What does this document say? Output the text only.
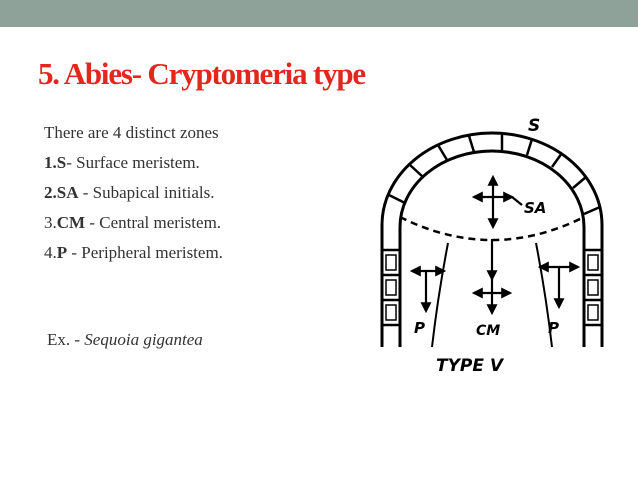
5. Abies- Cryptomeria type
There are 4 distinct zones
1.S- Surface meristem.
2.SA - Subapical initials.
3.CM - Central meristem.
4.P - Peripheral meristem.
Ex. - Sequoia gigantea
S
SA
P	CM	P
TYPE V
